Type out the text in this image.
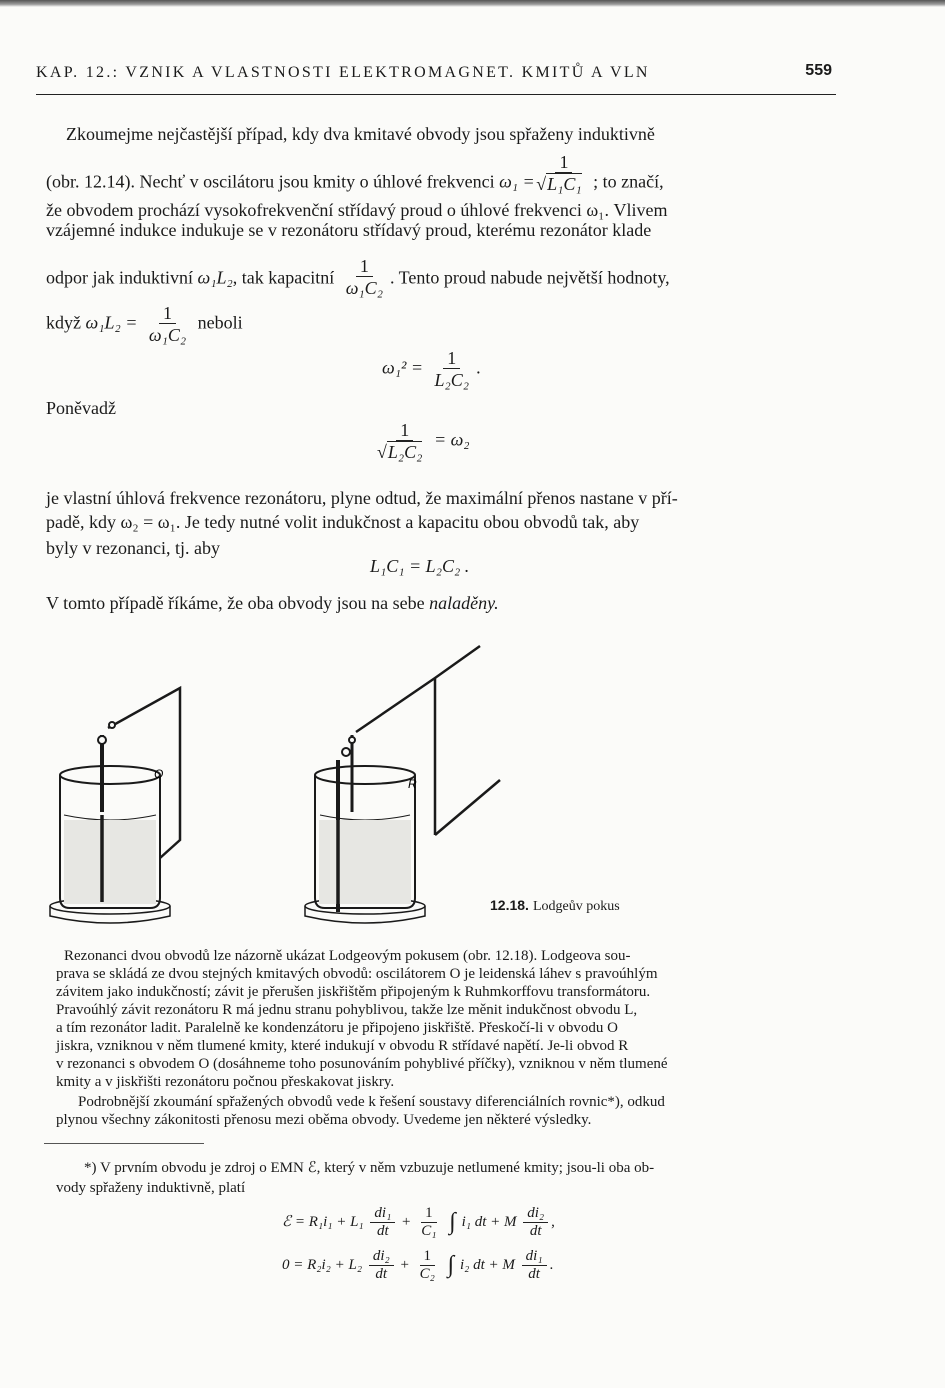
KAP. 12.: VZNIK A VLASTNOSTI ELEKTROMAGNET. KMITŮ A VLN	559
Zkoumejme nejčastější případ, kdy dva kmitavé obvody jsou spřaženy induktivně
(obr. 12.14). Nechť v oscilátoru jsou kmity o úhlové frekvenci ω₁ = 1
√ L₁C₁ ; to značí,
že obvodem prochází vysokofrekvenční střídavý proud o úhlové frekvenci ω₁. Vlivem
vzájemné indukce indukuje se v rezonátoru střídavý proud, kterému rezonátor klade
odpor jak induktivní ω₁L₂, tak kapacitní $\frac{1}{\text{ω₁C₂}}$ . Tento proud nabude největší hodnoty,
když $\omega_1L_2 = \frac{1}{\text{ω₁C₂}}$ neboli
$\omega_1^2 = \frac{1}{\text{L₂C₂}}$ .
Poněvadž
1
√ L₂C₂ = ω₂
je vlastní úhlová frekvence rezonátoru, plyne odtud, že maximální přenos nastane v pří-
padě, kdy ω₂ = ω₁. Je tedy nutné volit indukčnost a kapacitu obou obvodů tak, aby
byly v rezonanci, tj. aby
L₁C₁ = L₂C₂ .
V tomto případě říkáme, že oba obvody jsou na sebe naladěny.
O
R
12.18. Lodgeův pokus
Rezonanci dvou obvodů lze názorně ukázat Lodgeovým pokusem (obr. 12.18). Lodgeova sou-
prava se skládá ze dvou stejných kmitavých obvodů: oscilátorem O je leidenská láhev s pravoúhlým
závitem jako indukčností; závit je přerušen jiskřištěm připojeným k Ruhmkorffovu transformátoru.
Pravoúhlý závit rezonátoru R má jednu stranu pohyblivou, takže lze měnit indukčnost obvodu L,
a tím rezonátor ladit. Paralelně ke kondenzátoru je připojeno jiskřiště. Přeskočí-li v obvodu O
jiskra, vzniknou v něm tlumené kmity, které indukují v obvodu R střídavé napětí. Je-li obvod R
v rezonanci s obvodem O (dosáhneme toho posunováním pohyblivé příčky), vzniknou v něm tlumené
kmity a v jiskřišti rezonátoru počnou přeskakovat jiskry.
Podrobnější zkoumání spřažených obvodů vede k řešení soustavy diferenciálních rovnic*), odkud
plynou všechny zákonitosti přenosu mezi oběma obvody. Uvedeme jen některé výsledky.
*) V prvním obvodu je zdroj o EMN ℰ, který v něm vzbuzuje netlumené kmity; jsou-li oba ob-
vody spřaženy induktivně, platí
ℰ = $R_1i_1 + L_1 \frac{\text{di₁}}{dt} + \frac{1}{\text{C₁}}$ ∫ i₁ dt + M $\frac{\text{di₂}}{dt}$ ,
$0 = R_2i_2 + L_2 \frac{\text{di₂}}{dt} + \frac{1}{\text{C₂}}$ ∫ i₂ dt + M $\frac{\text{di₁}}{dt}$ .
